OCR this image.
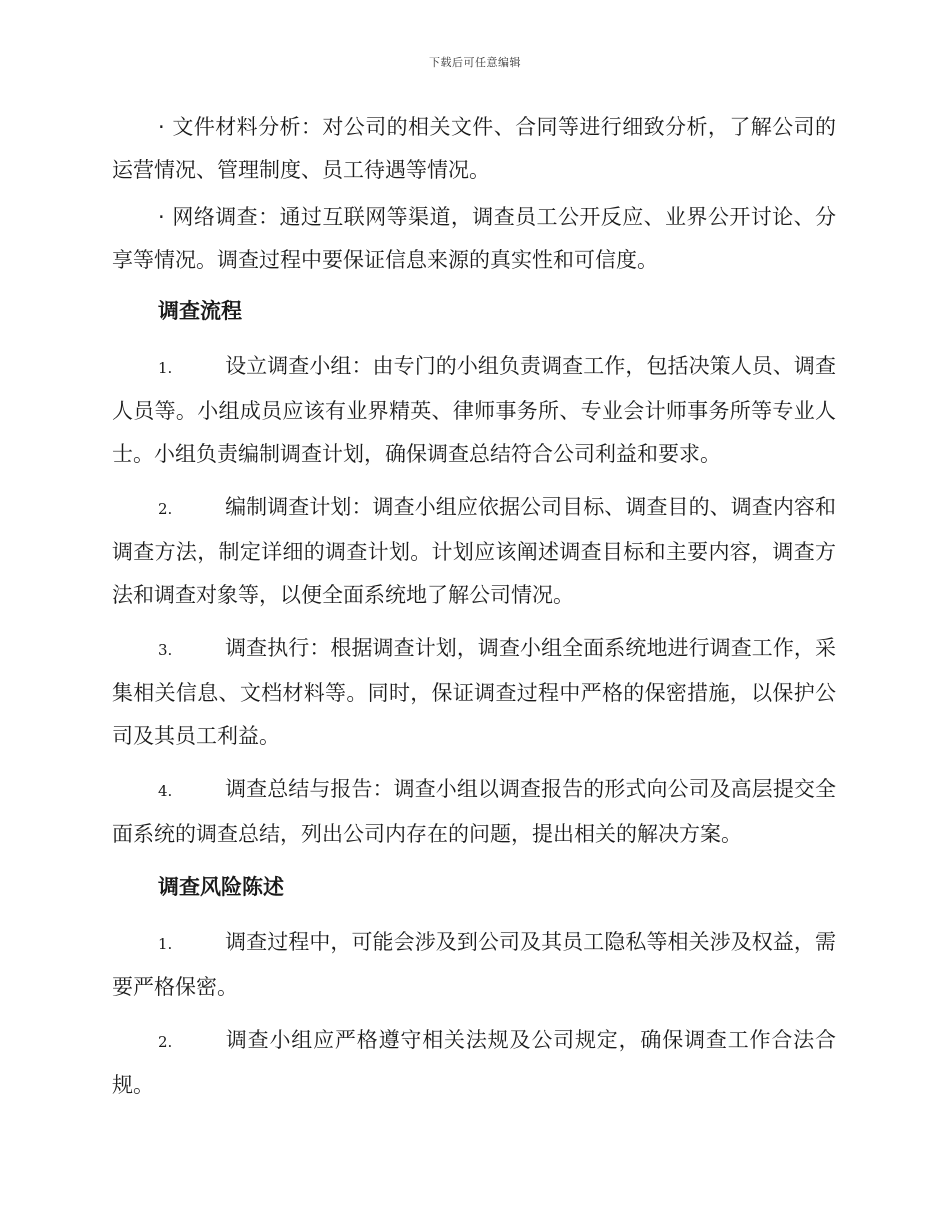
下载后可任意编辑

· 文件材料分析：对公司的相关文件、合同等进行细致分析，了解公司的运营情况、管理制度、员工待遇等情况。

· 网络调查：通过互联网等渠道，调查员工公开反应、业界公开讨论、分享等情况。调查过程中要保证信息来源的真实性和可信度。

调查流程

1.	设立调查小组：由专门的小组负责调查工作，包括决策人员、调查人员等。小组成员应该有业界精英、律师事务所、专业会计师事务所等专业人士。小组负责编制调查计划，确保调查总结符合公司利益和要求。

2.	编制调查计划：调查小组应依据公司目标、调查目的、调查内容和调查方法，制定详细的调查计划。计划应该阐述调查目标和主要内容，调查方法和调查对象等，以便全面系统地了解公司情况。

3.	调查执行：根据调查计划，调查小组全面系统地进行调查工作，采集相关信息、文档材料等。同时，保证调查过程中严格的保密措施，以保护公司及其员工利益。

4.	调查总结与报告：调查小组以调查报告的形式向公司及高层提交全面系统的调查总结，列出公司内存在的问题，提出相关的解决方案。

调查风险陈述

1.	调查过程中，可能会涉及到公司及其员工隐私等相关涉及权益，需要严格保密。

2.	调查小组应严格遵守相关法规及公司规定，确保调查工作合法合规。
